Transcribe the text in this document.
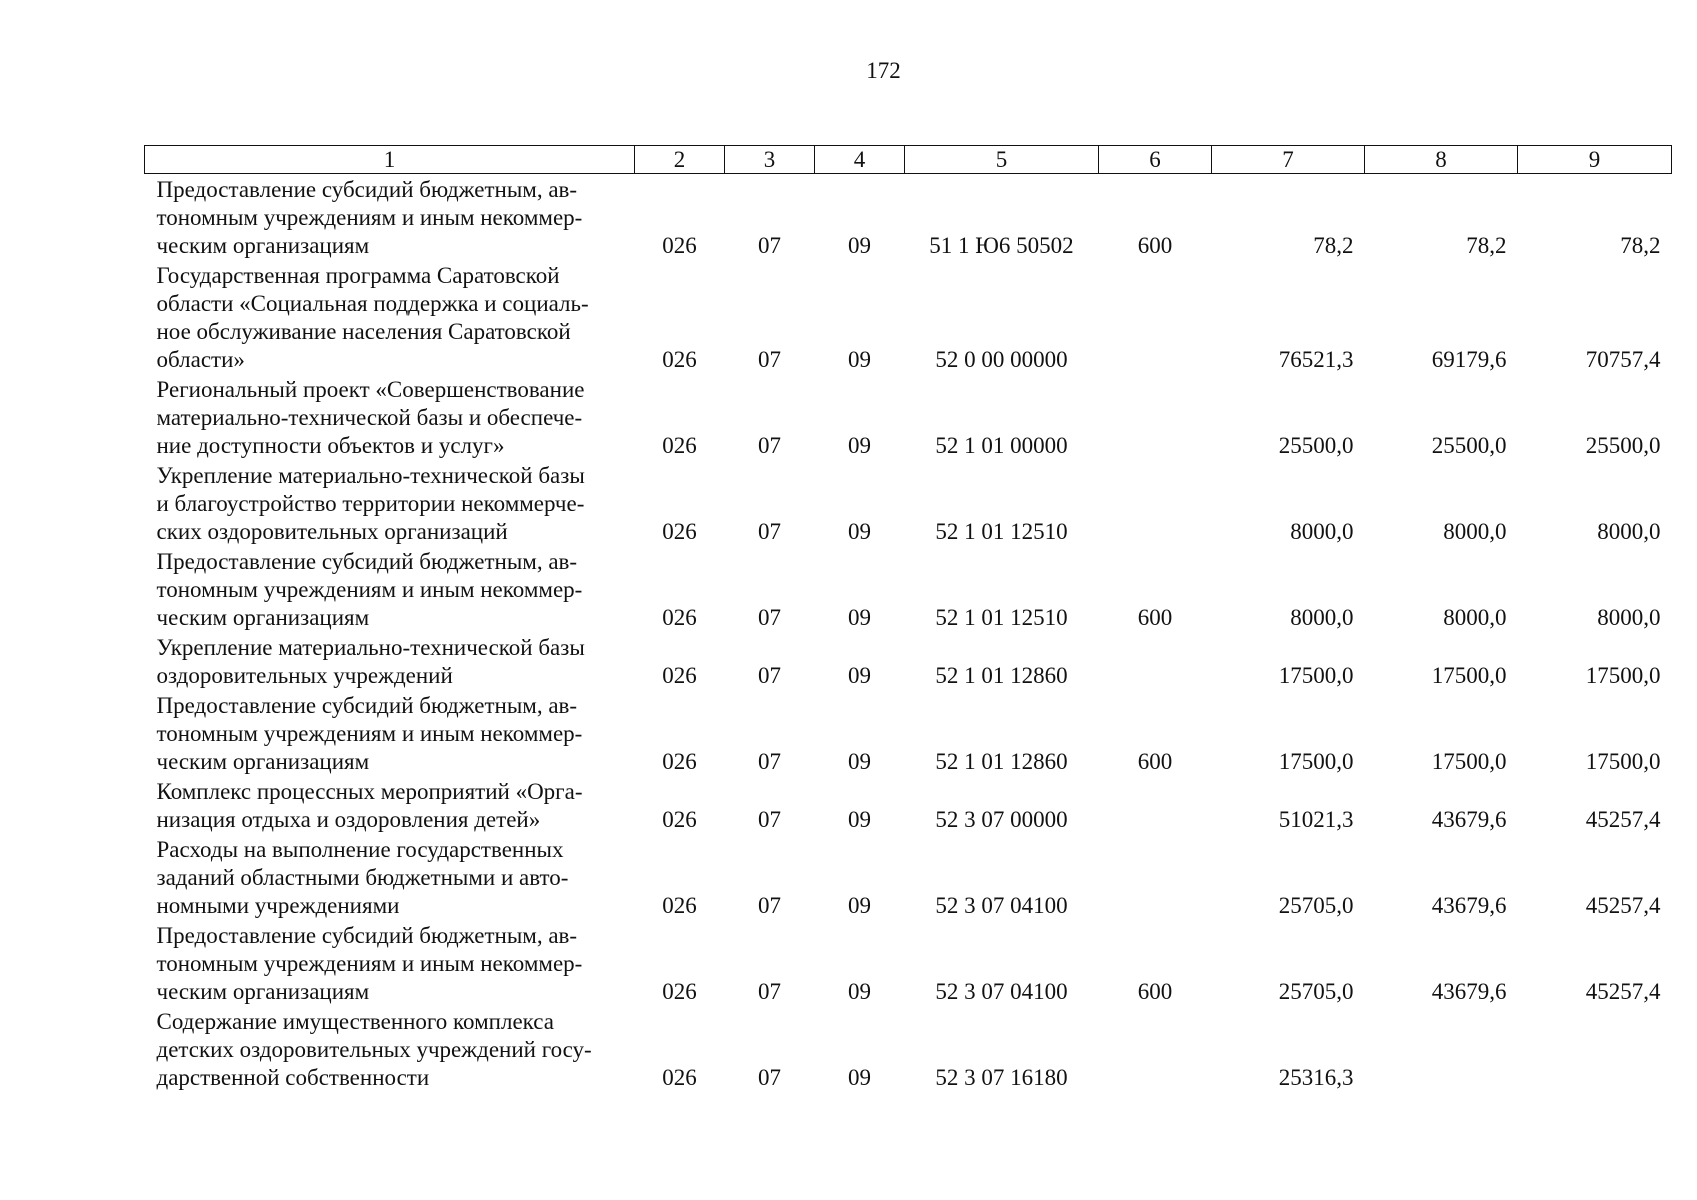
172
1	2	3	4	5	6	7	8	9
Предоставление субсидий бюджетным, ав-
тономным учреждениям и иным некоммер-
ческим организациям	026	07	09	51 1 Ю6 50502	600	78,2	78,2	78,2
Государственная программа Саратовской
области «Социальная поддержка и социаль-
ное обслуживание населения Саратовской
области»	026	07	09	52 0 00 00000		76521,3	69179,6	70757,4
Региональный проект «Совершенствование
материально-технической базы и обеспече-
ние доступности объектов и услуг»	026	07	09	52 1 01 00000		25500,0	25500,0	25500,0
Укрепление материально-технической базы
и благоустройство территории некоммерче-
ских оздоровительных организаций	026	07	09	52 1 01 12510		8000,0	8000,0	8000,0
Предоставление субсидий бюджетным, ав-
тономным учреждениям и иным некоммер-
ческим организациям	026	07	09	52 1 01 12510	600	8000,0	8000,0	8000,0
Укрепление материально-технической базы
оздоровительных учреждений	026	07	09	52 1 01 12860		17500,0	17500,0	17500,0
Предоставление субсидий бюджетным, ав-
тономным учреждениям и иным некоммер-
ческим организациям	026	07	09	52 1 01 12860	600	17500,0	17500,0	17500,0
Комплекс процессных мероприятий «Орга-
низация отдыха и оздоровления детей»	026	07	09	52 3 07 00000		51021,3	43679,6	45257,4
Расходы на выполнение государственных
заданий областными бюджетными и авто-
номными учреждениями	026	07	09	52 3 07 04100		25705,0	43679,6	45257,4
Предоставление субсидий бюджетным, ав-
тономным учреждениям и иным некоммер-
ческим организациям	026	07	09	52 3 07 04100	600	25705,0	43679,6	45257,4
Содержание имущественного комплекса
детских оздоровительных учреждений госу-
дарственной собственности	026	07	09	52 3 07 16180		25316,3		
